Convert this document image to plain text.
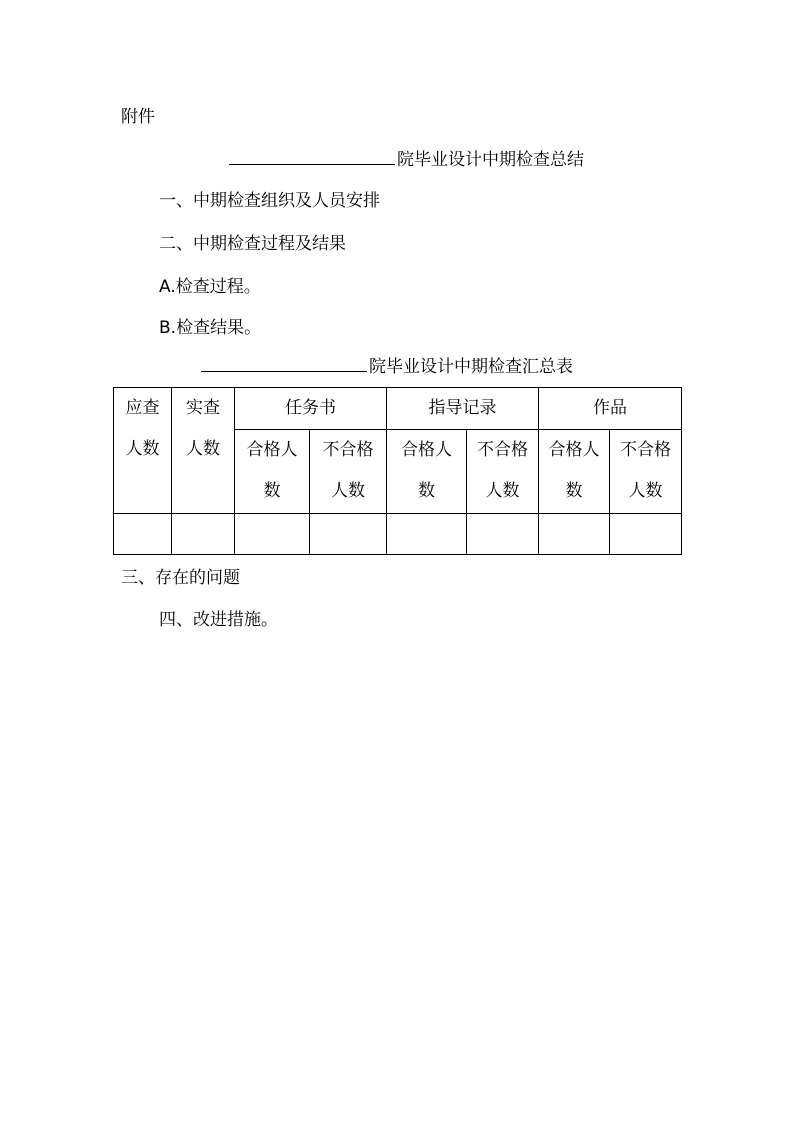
附件
院毕业设计中期检查总结
一、中期检查组织及人员安排
二、中期检查过程及结果
A.检查过程。
B.检查结果。
院毕业设计中期检查汇总表
应查人数	实查人数	任务书		指导记录		作品	

		合格人数	不合格人数	合格人数	不合格人数	合格人数	不合格人数

三、存在的问题
四、改进措施。
